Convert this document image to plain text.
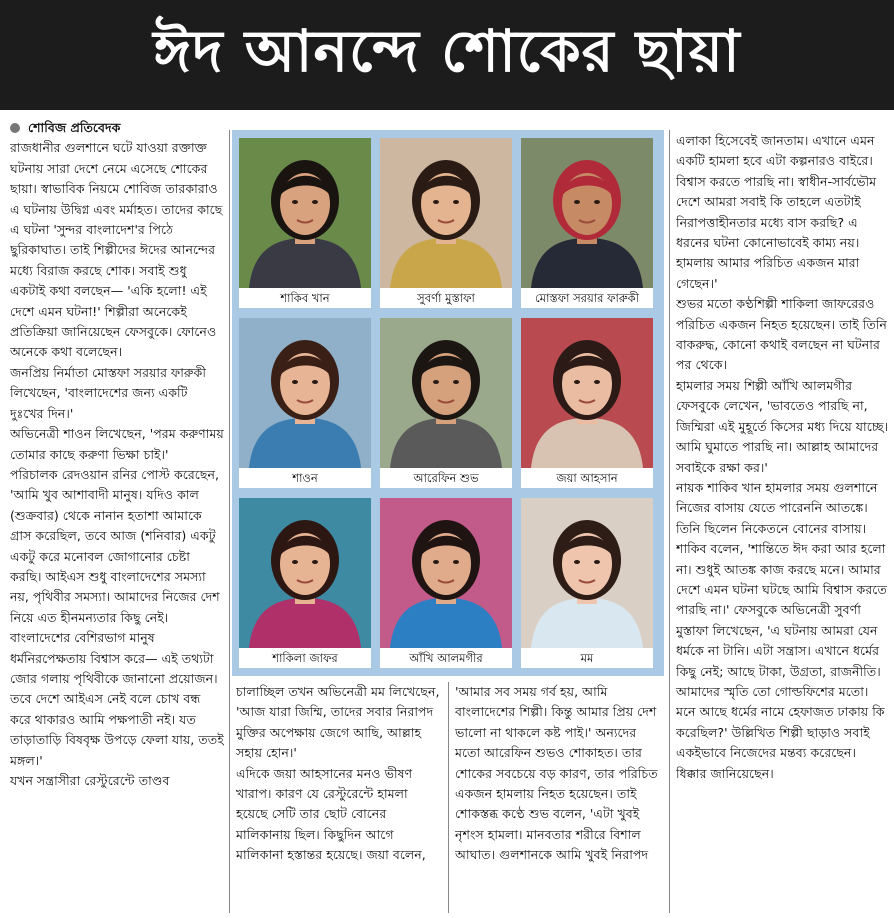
ঈদ আনন্দে শোকের ছায়া

শোবিজ প্রতিবেদক

রাজধানীর গুলশানে ঘটে যাওয়া রক্তাক্ত ঘটনায় সারা দেশে নেমে এসেছে শোকের ছায়া। স্বাভাবিক নিয়মে শোবিজ তারকারাও এ ঘটনায় উদ্বিগ্ন এবং মর্মাহত। তাদের কাছে এ ঘটনা 'সুন্দর বাংলাদেশ'র পিঠে ছুরিকাঘাত। তাই শিল্পীদের ঈদের আনন্দের মধ্যে বিরাজ করছে শোক। সবাই শুধু একটাই কথা বলছেন— 'একি হলো! এই দেশে এমন ঘটনা!' শিল্পীরা অনেকেই প্রতিক্রিয়া জানিয়েছেন ফেসবুকে। ফোনেও অনেকে কথা বলেছেন।

জনপ্রিয় নির্মাতা মোস্তফা সরয়ার ফারুকী লিখেছেন, 'বাংলাদেশের জন্য একটি দুঃখের দিন।'

অভিনেত্রী শাওন লিখেছেন, 'পরম করুণাময় তোমার কাছে করুণা ভিক্ষা চাই।'

পরিচালক রেদওয়ান রনির পোস্ট করেছেন, 'আমি খুব আশাবাদী মানুষ। যদিও কাল (শুক্রবার) থেকে নানান হতাশা আমাকে গ্রাস করেছিল, তবে আজ (শনিবার) একটু একটু করে মনোবল জোগানোর চেষ্টা করছি। আইএস শুধু বাংলাদেশের সমস্যা নয়, পৃথিবীর সমস্যা। আমাদের নিজের দেশ নিয়ে এত হীনমন্যতার কিছু নেই। বাংলাদেশের বেশিরভাগ মানুষ ধর্মনিরপেক্ষতায় বিশ্বাস করে— এই তথ্যটা জোর গলায় পৃথিবীকে জানানো প্রয়োজন। তবে দেশে আইএস নেই বলে চোখ বন্ধ করে থাকারও আমি পক্ষপাতী নই। যত তাড়াতাড়ি বিষবৃক্ষ উপড়ে ফেলা যায়, ততই মঙ্গল।'

যখন সন্ত্রাসীরা রেস্টুরেন্টে তাণ্ডব

শাকিব খান	সুবর্ণা মুস্তাফা	মোস্তফা সরয়ার ফারুকী
শাওন	আরেফিন শুভ	জয়া আহসান
শাকিলা জাফর	আঁখি আলমগীর	মম

চালাচ্ছিল তখন অভিনেত্রী মম লিখেছেন, 'আজ যারা জিম্মি, তাদের সবার নিরাপদ মুক্তির অপেক্ষায় জেগে আছি, আল্লাহ সহায় হোন।'

এদিকে জয়া আহসানের মনও ভীষণ খারাপ। কারণ যে রেস্টুরেন্টে হামলা হয়েছে সেটি তার ছোট বোনের মালিকানায় ছিল। কিছুদিন আগে মালিকানা হস্তান্তর হয়েছে। জয়া বলেন,

'আমার সব সময় গর্ব হয়, আমি বাংলাদেশের শিল্পী। কিন্তু আমার প্রিয় দেশ ভালো না থাকলে কষ্ট পাই।' অন্যদের মতো আরেফিন শুভও শোকাহত। তার শোকের সবচেয়ে বড় কারণ, তার পরিচিত একজন হামলায় নিহত হয়েছেন। তাই শোকস্তব্ধ কণ্ঠে শুভ বলেন, 'এটা খুবই নৃশংস হামলা। মানবতার শরীরে বিশাল আঘাত। গুলশানকে আমি খুবই নিরাপদ

এলাকা হিসেবেই জানতাম। এখানে এমন একটি হামলা হবে এটা কল্পনারও বাইরে। বিশ্বাস করতে পারছি না। স্বাধীন-সার্বভৌম দেশে আমরা সবাই কি তাহলে এতটাই নিরাপত্তাহীনতার মধ্যে বাস করছি? এ ধরনের ঘটনা কোনোভাবেই কাম্য নয়। হামলায় আমার পরিচিত একজন মারা গেছেন।'

শুভর মতো কণ্ঠশিল্পী শাকিলা জাফরেরও পরিচিত একজন নিহত হয়েছেন। তাই তিনি বাকরুদ্ধ, কোনো কথাই বলছেন না ঘটনার পর থেকে।

হামলার সময় শিল্পী আঁখি আলমগীর ফেসবুকে লেখেন, 'ভাবতেও পারছি না, জিম্মিরা এই মুহূর্তে কিসের মধ্য দিয়ে যাচ্ছে। আমি ঘুমাতে পারছি না। আল্লাহ আমাদের সবাইকে রক্ষা কর।'

নায়ক শাকিব খান হামলার সময় গুলশানে নিজের বাসায় যেতে পারেননি আতঙ্কে। তিনি ছিলেন নিকেতনে বোনের বাসায়। শাকিব বলেন, 'শান্তিতে ঈদ করা আর হলো না। শুধুই আতঙ্ক কাজ করছে মনে। আমার দেশে এমন ঘটনা ঘটছে আমি বিশ্বাস করতে পারছি না।' ফেসবুকে অভিনেত্রী সুবর্ণা মুস্তাফা লিখেছেন, 'এ ঘটনায় আমরা যেন ধর্মকে না টানি। এটা সন্ত্রাস। এখানে ধর্মের কিছু নেই; আছে টাকা, উগ্রতা, রাজনীতি। আমাদের স্মৃতি তো গোল্ডফিশের মতো। মনে আছে ধর্মের নামে হেফাজত ঢাকায় কি করেছিল?' উল্লিখিত শিল্পী ছাড়াও সবাই একইভাবে নিজেদের মন্তব্য করেছেন। ধিক্কার জানিয়েছেন।
